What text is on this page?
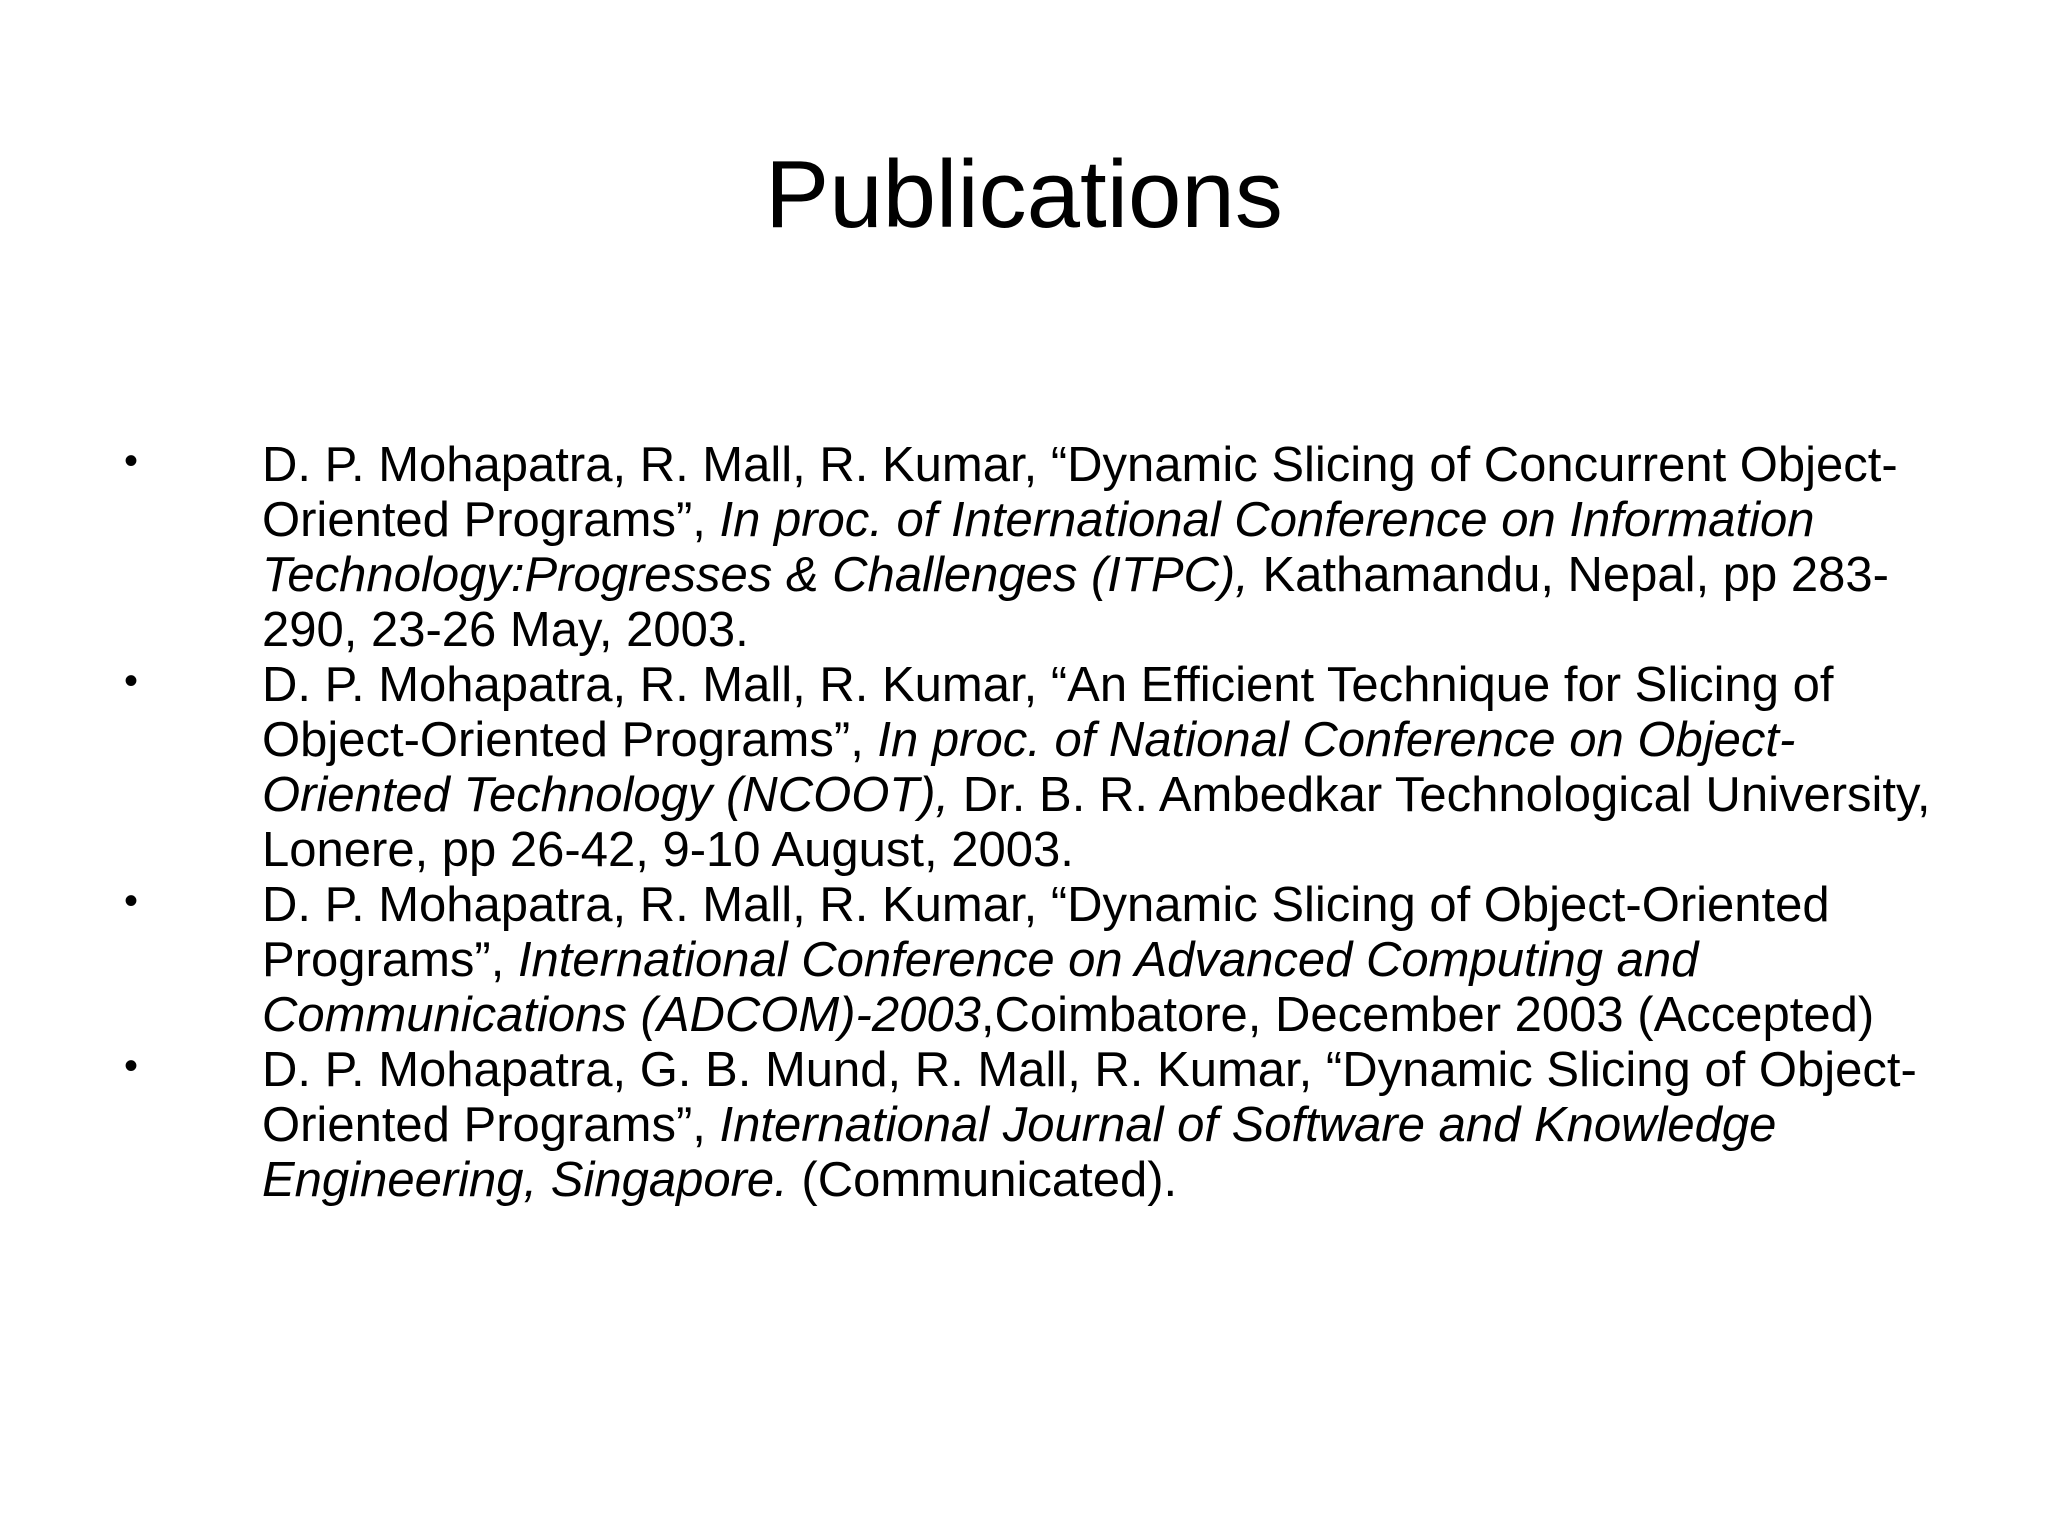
Publications
•	D. P. Mohapatra, R. Mall, R. Kumar, “Dynamic Slicing of Concurrent Object-Oriented Programs”, In proc. of International Conference on Information Technology:Progresses & Challenges (ITPC), Kathamandu, Nepal, pp 283-290, 23-26 May, 2003.
•	D. P. Mohapatra, R. Mall, R. Kumar, “An Efficient Technique for Slicing of Object-Oriented Programs”, In proc. of National Conference on Object-Oriented Technology (NCOOT), Dr. B. R. Ambedkar Technological University, Lonere, pp 26-42, 9-10 August, 2003.
•	D. P. Mohapatra, R. Mall, R. Kumar, “Dynamic Slicing of Object-Oriented Programs”, International Conference on Advanced Computing and Communications (ADCOM)-2003,Coimbatore, December 2003 (Accepted)
•	D. P. Mohapatra, G. B. Mund, R. Mall, R. Kumar, “Dynamic Slicing of Object-Oriented Programs”, International Journal of Software and Knowledge Engineering, Singapore. (Communicated).
